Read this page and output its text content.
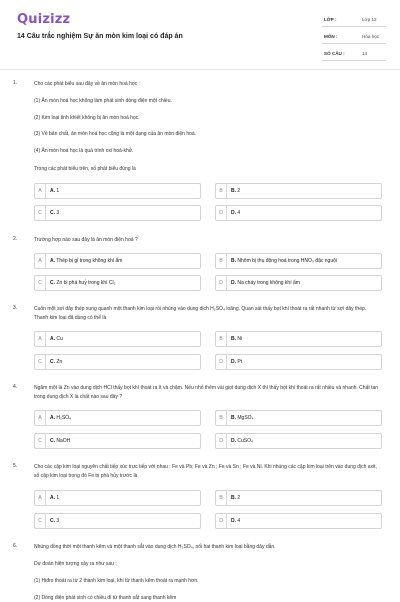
Quizizz
14 Câu trắc nghiệm Sự ăn mòn kim loại có đáp án
LỚP :	Lớp 12
MÔN :	Hóa học
SỐ CÂU :	14
1.	Cho các phát biểu sau đây về ăn mòn hoá học :
(1) Ăn mòn hoá học không làm phát sinh dòng điện một chiều.
(2) Kim loại tinh khiết không bị ăn mòn hoá học.
(3) Về bản chất, ăn mòn hoá học cũng là một dạng của ăn mòn điện hoá.
(4) Ăn mòn hoá học là quá trình oxi hoá-khử.
Trong các phát biểu trên, số phát biểu đúng là
A	A. 1	B	B. 2
C	C. 3	D	D. 4
2.	Trường hợp nào sau đây là ăn mòn điện hoá ?
A	A. Thép bị gỉ trong không khí ẩm	B	B. Nhôm bị thụ động hoá trong HNO₃ đặc nguội
C	C. Zn bị phá huỷ trong khí Cl₂	D	D. Na cháy trong không khí ẩm
3.	Cuốn một sợi dây thép xung quanh một thanh kim loại rồi nhúng vào dung dịch H₂SO₄ loãng. Quan sát thấy bọt khí thoát ra rất nhanh từ sợi dây thép. Thanh kim loại đã dùng có thể là
A	A. Cu	B	B. Ni
C	C. Zn	D	D. Pt
4.	Ngâm một lá Zn vào dung dịch HCl thấy bọt khí thoát ra ít và chậm. Nếu nhỏ thêm vài giọt dung dịch X thì thấy bọt khí thoát ra rất nhiều và nhanh. Chất tan trong dung dịch X là chất nào sau đây ?
A	A. H₂SO₄	B	B. MgSO₄
C	C. NaOH	D	D. CuSO₄
5.	Cho các cặp kim loại nguyên chất tiếp xúc trực tiếp với nhau : Fe và Pb; Fe và Zn ; Fe và Sn ; Fe và Ni. Khi nhúng các cặp kim loại trên vào dung dịch axit, số cặp kim loại trong đó Fe bị phá hủy trước là
A	A. 1	B	B. 2
C	C. 3	D	D. 4
6.	Nhúng đồng thời một thanh kẽm và một thanh sắt vào dung dịch H₂SO₄, nối hai thanh kim loại bằng dây dẫn.
Dự đoán hiện tượng xảy ra như sau ;
(1) Hiđro thoát ra từ 2 thanh kim loại, khí từ thanh kẽm thoát ra mạnh hơn.
(2) Dòng điện phát sinh có chiều đi từ thanh sắt sang thanh kẽm
